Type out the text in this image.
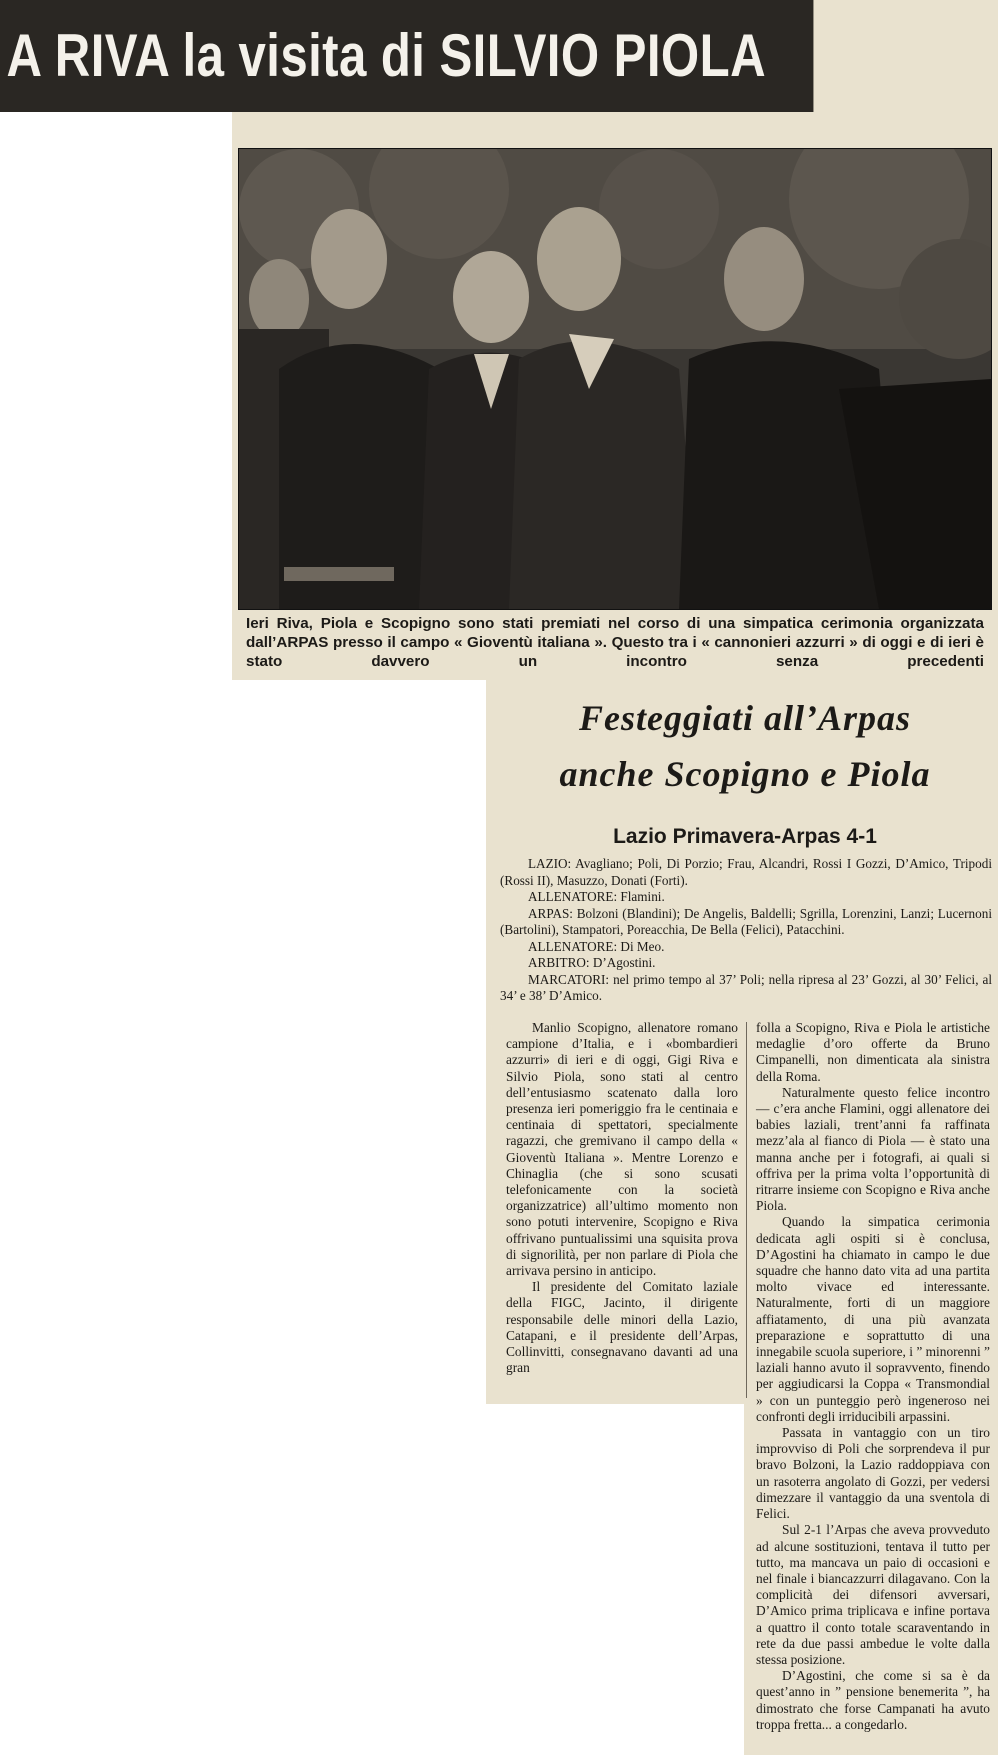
A RIVA la visita di SILVIO PIOLA
Ieri Riva, Piola e Scopigno sono stati premiati nel corso di una simpatica cerimonia organizzata dall’ARPAS presso il campo « Gioventù italiana ». Questo tra i « cannonieri azzurri » di oggi e di ieri è stato davvero un incontro senza precedenti
Festeggiati all’Arpas
anche Scopigno e Piola
Lazio Primavera-Arpas 4-1

LAZIO: Avagliano; Poli, Di Porzio; Frau, Alcandri, Rossi I Gozzi, D’Amico, Tripodi (Rossi II), Masuzzo, Donati (Forti).

ALLENATORE: Flamini.

ARPAS: Bolzoni (Blandini); De Angelis, Baldelli; Sgrilla, Lorenzini, Lanzi; Lucernoni (Bartolini), Stampatori, Poreacchia, De Bella (Felici), Patacchini.

ALLENATORE: Di Meo.

ARBITRO: D’Agostini.

MARCATORI: nel primo tempo al 37’ Poli; nella ripresa al 23’ Gozzi, al 30’ Felici, al 34’ e 38’ D’Amico.

Manlio Scopigno, allenatore romano campione d’Italia, e i «bombardieri azzurri» di ieri e di oggi, Gigi Riva e Silvio Piola, sono stati al centro dell’entusiasmo scatenato dalla loro presenza ieri pomeriggio fra le centinaia e centinaia di spettatori, specialmente ragazzi, che gremivano il campo della « Gioventù Italiana ». Mentre Lorenzo e Chinaglia (che si sono scusati telefonicamente con la società organizzatrice) all’ultimo momento non sono potuti intervenire, Scopigno e Riva offrivano puntualissimi una squisita prova di signorilità, per non parlare di Piola che arrivava persino in anticipo.

Il presidente del Comitato laziale della FIGC, Jacinto, il dirigente responsabile delle minori della Lazio, Catapani, e il presidente dell’Arpas, Collinvitti, consegnavano davanti ad una gran

folla a Scopigno, Riva e Piola le artistiche medaglie d’oro offerte da Bruno Cimpanelli, non dimenticata ala sinistra della Roma.

Naturalmente questo felice incontro — c’era anche Flamini, oggi allenatore dei babies laziali, trent’anni fa raffinata mezz’ala al fianco di Piola — è stato una manna anche per i fotografi, ai quali si offriva per la prima volta l’opportunità di ritrarre insieme con Scopigno e Riva anche Piola.

Quando la simpatica cerimonia dedicata agli ospiti si è conclusa, D’Agostini ha chiamato in campo le due squadre che hanno dato vita ad una partita molto vivace ed interessante. Naturalmente, forti di un maggiore affiatamento, di una più avanzata preparazione e soprattutto di una innegabile scuola superiore, i ” minorenni ” laziali hanno avuto il sopravvento, finendo per aggiudicarsi la Coppa « Transmondial » con un punteggio però ingeneroso nei confronti degli irriducibili arpassini.

Passata in vantaggio con un tiro improvviso di Poli che sorprendeva il pur bravo Bolzoni, la Lazio raddoppiava con un rasoterra angolato di Gozzi, per vedersi dimezzare il vantaggio da una sventola di Felici.

Sul 2-1 l’Arpas che aveva provveduto ad alcune sostituzioni, tentava il tutto per tutto, ma mancava un paio di occasioni e nel finale i biancazzurri dilagavano. Con la complicità dei difensori avversari, D’Amico prima triplicava e infine portava a quattro il conto totale scaraventando in rete da due passi ambedue le volte dalla stessa posizione.

D’Agostini, che come si sa è da quest’anno in ” pensione benemerita ”, ha dimostrato che forse Campanati ha avuto troppa fretta... a congedarlo.
